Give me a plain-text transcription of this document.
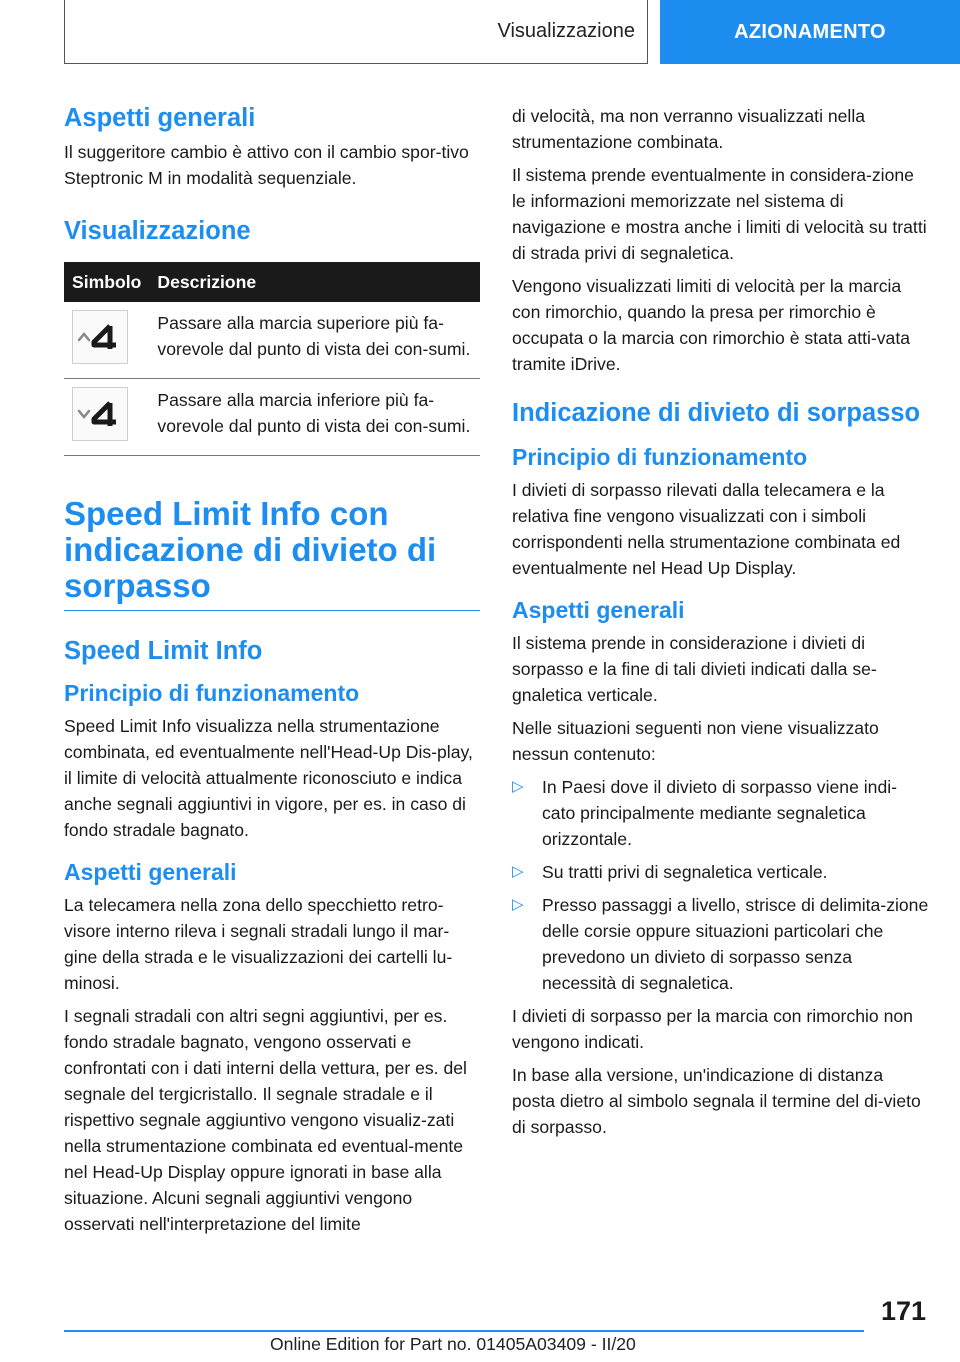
Visualizzazione	AZIONAMENTO
Aspetti generali

Il suggeritore cambio è attivo con il cambio spor‐tivo Steptronic M in modalità sequenziale.

Visualizzazione
Simbolo	Descrizione

	Passare alla marcia superiore più fa‐vorevole dal punto di vista dei con‐sumi.

	Passare alla marcia inferiore più fa‐vorevole dal punto di vista dei con‐sumi.
Speed Limit Info con indicazione di divieto di sorpasso
Speed Limit Info
Principio di funzionamento

Speed Limit Info visualizza nella strumentazione combinata, ed eventualmente nell'Head-Up Dis‐play, il limite di velocità attualmente riconosciuto e indica anche segnali aggiuntivi in vigore, per es. in caso di fondo stradale bagnato.

Aspetti generali

La telecamera nella zona dello specchietto retro‐visore interno rileva i segnali stradali lungo il mar‐gine della strada e le visualizzazioni dei cartelli lu‐minosi.

I segnali stradali con altri segni aggiuntivi, per es. fondo stradale bagnato, vengono osservati e confrontati con i dati interni della vettura, per es. del segnale del tergicristallo. Il segnale stradale e il rispettivo segnale aggiuntivo vengono visualiz‐zati nella strumentazione combinata ed eventual‐mente nel Head-Up Display oppure ignorati in base alla situazione. Alcuni segnali aggiuntivi vengono osservati nell'interpretazione del limite

di velocità, ma non verranno visualizzati nella strumentazione combinata.

Il sistema prende eventualmente in considera‐zione le informazioni memorizzate nel sistema di navigazione e mostra anche i limiti di velocità su tratti di strada privi di segnaletica.

Vengono visualizzati limiti di velocità per la marcia con rimorchio, quando la presa per rimorchio è occupata o la marcia con rimorchio è stata atti‐vata tramite iDrive.

Indicazione di divieto di sorpasso
Principio di funzionamento

I divieti di sorpasso rilevati dalla telecamera e la relativa fine vengono visualizzati con i simboli corrispondenti nella strumentazione combinata ed eventualmente nel Head Up Display.

Aspetti generali

Il sistema prende in considerazione i divieti di sorpasso e la fine di tali divieti indicati dalla se‐gnaletica verticale.

Nelle situazioni seguenti non viene visualizzato nessun contenuto:

▷ In Paesi dove il divieto di sorpasso viene indi‐cato principalmente mediante segnaletica orizzontale.
▷ Su tratti privi di segnaletica verticale.
▷ Presso passaggi a livello, strisce di delimita‐zione delle corsie oppure situazioni particolari che prevedono un divieto di sorpasso senza necessità di segnaletica.

I divieti di sorpasso per la marcia con rimorchio non vengono indicati.

In base alla versione, un'indicazione di distanza posta dietro al simbolo segnala il termine del di‐vieto di sorpasso.

171
Online Edition for Part no. 01405A03409 - II/20
